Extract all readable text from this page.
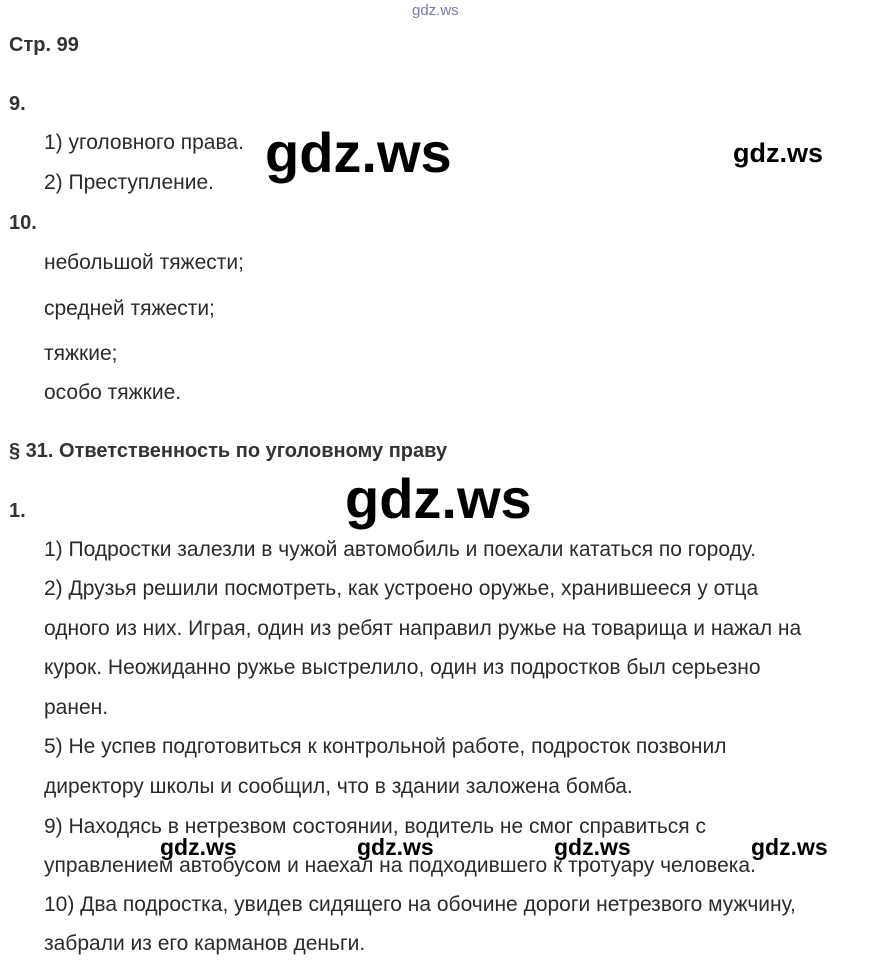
gdz.ws
Стр. 99
9.
1) уголовного права.
2) Преступление.
10.
небольшой тяжести;
средней тяжести;
тяжкие;
особо тяжкие.
§ 31. Ответственность по уголовному праву
1.
1) Подростки залезли в чужой автомобиль и поехали кататься по городу.
2) Друзья решили посмотреть, как устроено оружье, хранившееся у отца
одного из них. Играя, один из ребят направил ружье на товарища и нажал на
курок. Неожиданно ружье выстрелило, один из подростков был серьезно
ранен.
5) Не успев подготовиться к контрольной работе, подросток позвонил
директору школы и сообщил, что в здании заложена бомба.
9) Находясь в нетрезвом состоянии, водитель не смог справиться с
управлением автобусом и наехал на подходившего к тротуару человека.
10) Два подростка, увидев сидящего на обочине дороги нетрезвого мужчину,
забрали из его карманов деньги.
gdz.ws	gdz.ws
gdz.ws
gdz.ws	gdz.ws	gdz.ws	gdz.ws
